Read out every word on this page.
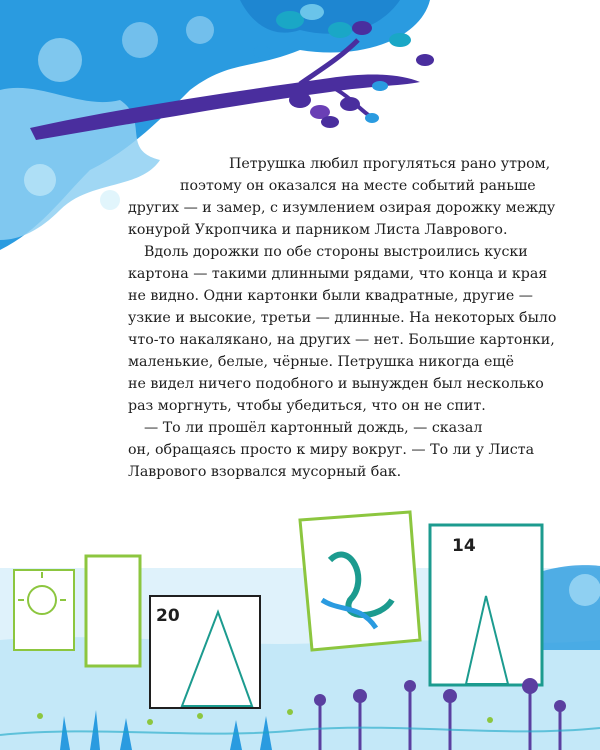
20
14
Петрушка любил прогуляться рано утром,
поэтому он оказался на месте событий раньше
других — и замер, с изумлением озирая дорожку между
конурой Укропчика и парником Листа Лаврового.
Вдоль дорожки по обе стороны выстроились куски
картона — такими длинными рядами, что конца и края
не видно. Одни картонки были квадратные, другие —
узкие и высокие, третьи — длинные. На некоторых было
что-то накалякано, на других — нет. Большие картонки,
маленькие, белые, чёрные. Петрушка никогда ещё
не видел ничего подобного и вынужден был несколько
раз моргнуть, чтобы убедиться, что он не спит.
— То ли прошёл картонный дождь, — сказал
он, обращаясь просто к миру вокруг. — То ли у Листа
Лаврового взорвался мусорный бак.
